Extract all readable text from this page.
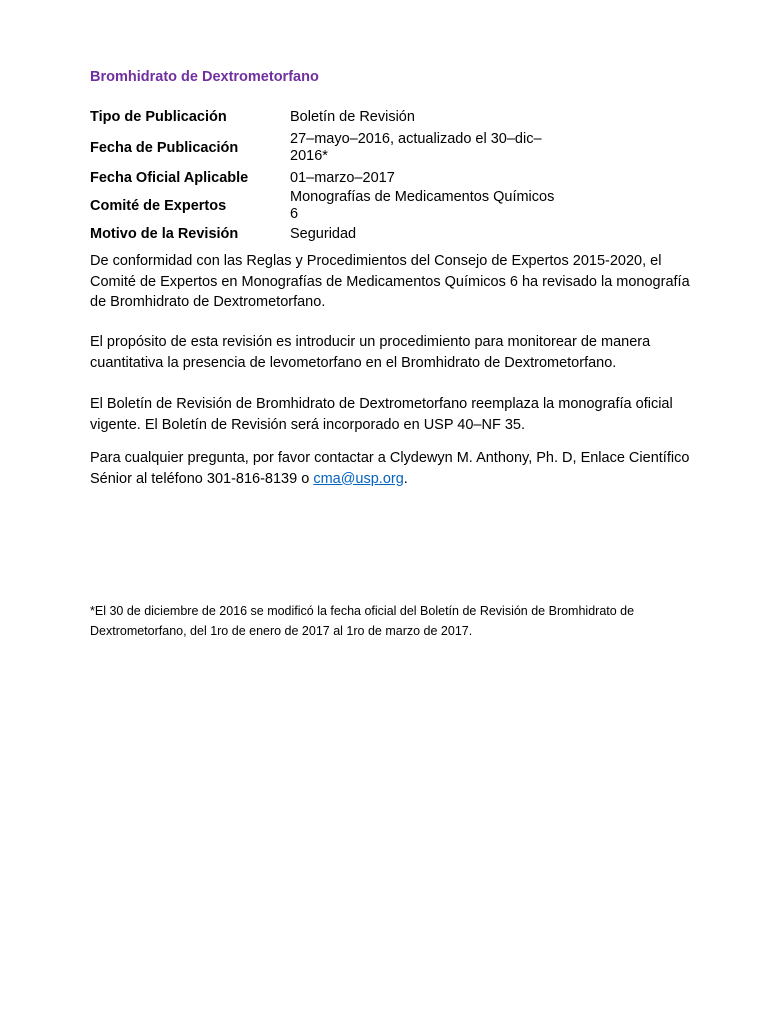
Bromhidrato de Dextrometorfano
Tipo de Publicación	Boletín de Revisión
Fecha de Publicación	27–mayo–2016, actualizado el 30–dic–2016*
Fecha Oficial Aplicable	01–marzo–2017
Comité de Expertos	Monografías de Medicamentos Químicos 6
Motivo de la Revisión	Seguridad

De conformidad con las Reglas y Procedimientos del Consejo de Expertos 2015-2020, el Comité de Expertos en Monografías de Medicamentos Químicos 6 ha revisado la monografía de Bromhidrato de Dextrometorfano.

El propósito de esta revisión es introducir un procedimiento para monitorear de manera cuantitativa la presencia de levometorfano en el Bromhidrato de Dextrometorfano.

El Boletín de Revisión de Bromhidrato de Dextrometorfano reemplaza la monografía oficial vigente. El Boletín de Revisión será incorporado en USP 40–NF 35.

Para cualquier pregunta, por favor contactar a Clydewyn M. Anthony, Ph. D, Enlace Científico Sénior al teléfono 301-816-8139 o cma@usp.org.

*El 30 de diciembre de 2016 se modificó la fecha oficial del Boletín de Revisión de Bromhidrato de Dextrometorfano, del 1ro de enero de 2017 al 1ro de marzo de 2017.
